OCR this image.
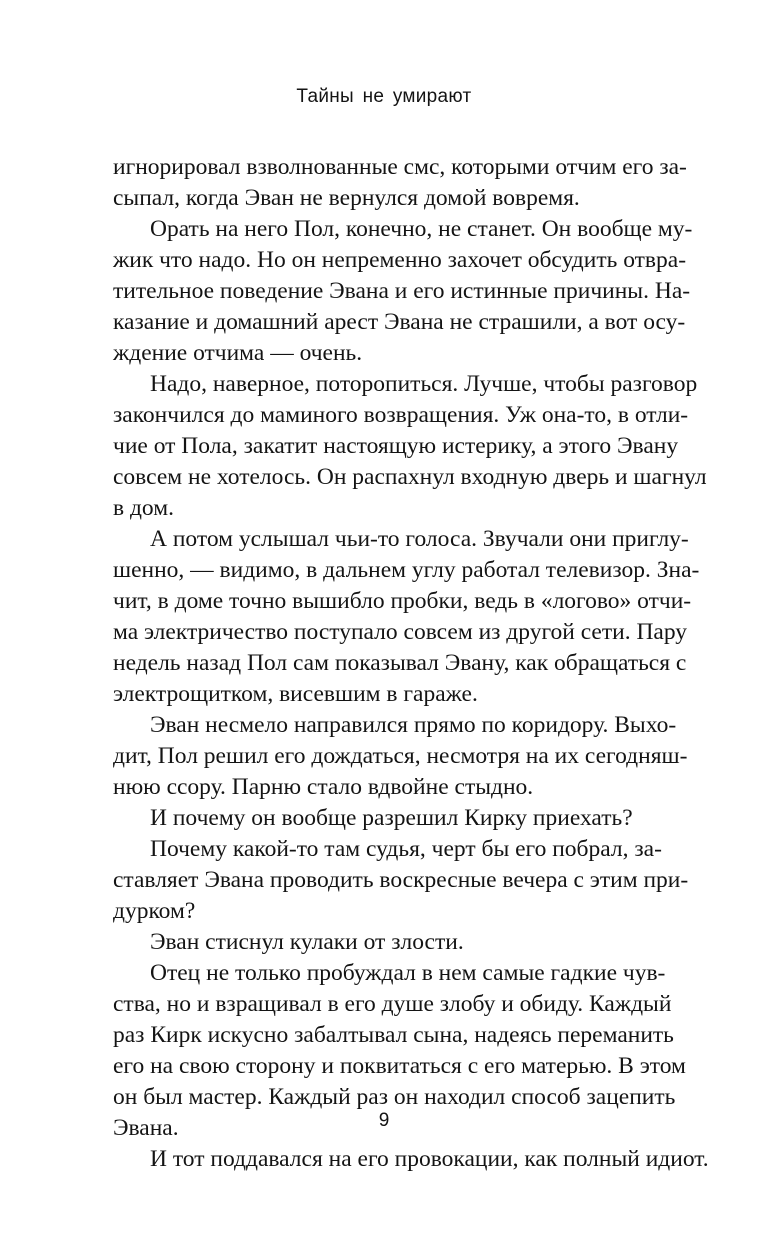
Тайны не умирают
игнорировал взволнованные смс, которыми отчим его за-
сыпал, когда Эван не вернулся домой вовремя.
Орать на него Пол, конечно, не станет. Он вообще му-
жик что надо. Но он непременно захочет обсудить отвра-
тительное поведение Эвана и его истинные причины. На-
казание и домашний арест Эвана не страшили, а вот осу-
ждение отчима — очень.
Надо, наверное, поторопиться. Лучше, чтобы разговор
закончился до маминого возвращения. Уж она-то, в отли-
чие от Пола, закатит настоящую истерику, а этого Эвану
совсем не хотелось. Он распахнул входную дверь и шагнул
в дом.
А потом услышал чьи-то голоса. Звучали они приглу-
шенно, — видимо, в дальнем углу работал телевизор. Зна-
чит, в доме точно вышибло пробки, ведь в «логово» отчи-
ма электричество поступало совсем из другой сети. Пару
недель назад Пол сам показывал Эвану, как обращаться с
электрощитком, висевшим в гараже.
Эван несмело направился прямо по коридору. Выхо-
дит, Пол решил его дождаться, несмотря на их сегодняш-
нюю ссору. Парню стало вдвойне стыдно.
И почему он вообще разрешил Кирку приехать?
Почему какой-то там судья, черт бы его побрал, за-
ставляет Эвана проводить воскресные вечера с этим при-
дурком?
Эван стиснул кулаки от злости.
Отец не только пробуждал в нем самые гадкие чув-
ства, но и взращивал в его душе злобу и обиду. Каждый
раз Кирк искусно забалтывал сына, надеясь переманить
его на свою сторону и поквитаться с его матерью. В этом
он был мастер. Каждый раз он находил способ зацепить
Эвана.
И тот поддавался на его провокации, как полный идиот.
9
